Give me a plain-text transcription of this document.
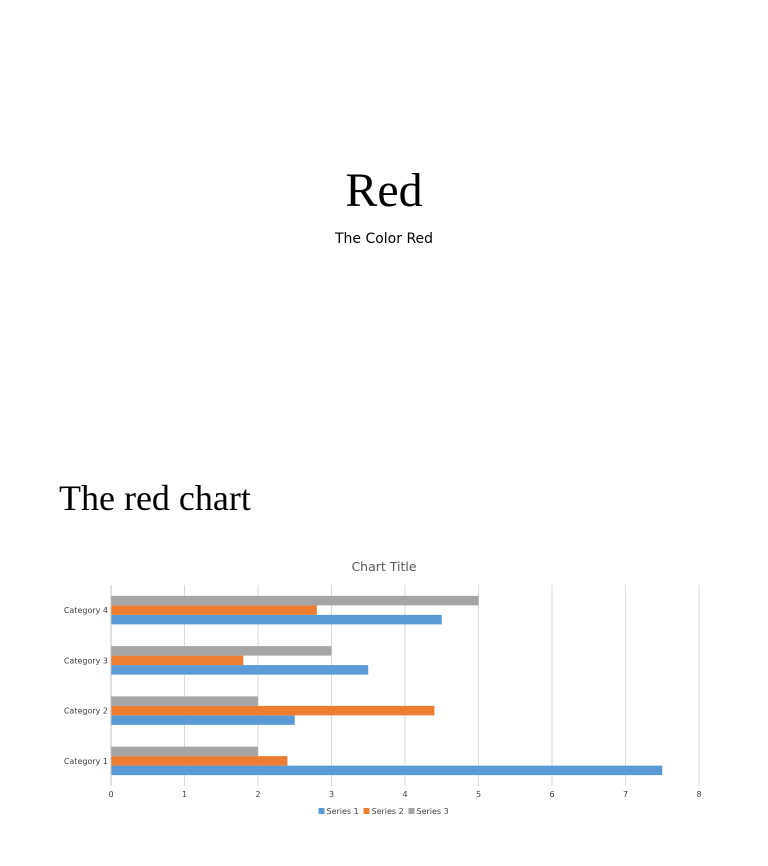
Red
The Color Red
The red chart
Chart Title
0	1	2	3	4	5	6	7	8
Category 1
Category 2
Category 3
Category 4
Series 1 Series 2 Series 3
